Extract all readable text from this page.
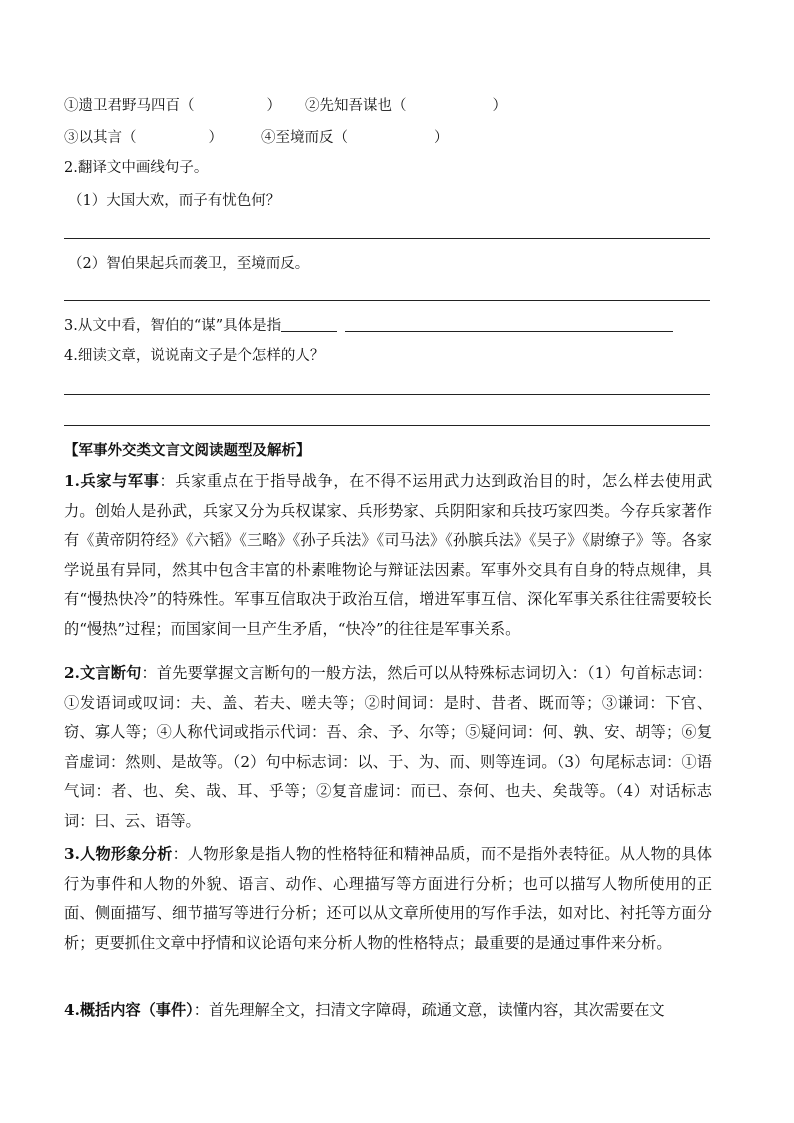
①遗卫君野马四百（	） ②先知吾谋也（	）
③以其言（	）	④至境而反（	）
2.翻译文中画线句子。
（1）大国大欢，而子有忧色何？
（2）智伯果起兵而袭卫，至境而反。
3.从文中看，智伯的“谋”具体是指
4.细读文章，说说南文子是个怎样的人？
【军事外交类文言文阅读题型及解析】

1.兵家与军事：兵家重点在于指导战争，在不得不运用武力达到政治目的时，怎么样去使用武力。创始人是孙武，兵家又分为兵权谋家、兵形势家、兵阴阳家和兵技巧家四类。今存兵家著作有《黄帝阴符经》《六韬》《三略》《孙子兵法》《司马法》《孙膑兵法》《吴子》《尉缭子》等。各家学说虽有异同，然其中包含丰富的朴素唯物论与辩证法因素。军事外交具有自身的特点规律，具有“慢热快冷”的特殊性。军事互信取决于政治互信，增进军事互信、深化军事关系往往需要较长的“慢热”过程；而国家间一旦产生矛盾，“快冷”的往往是军事关系。

2.文言断句：首先要掌握文言断句的一般方法，然后可以从特殊标志词切入：（1）句首标志词：①发语词或叹词：夫、盖、若夫、嗟夫等；②时间词：是时、昔者、既而等；③谦词：下官、窃、寡人等；④人称代词或指示代词：吾、余、予、尔等；⑤疑问词：何、孰、安、胡等；⑥复音虚词：然则、是故等。（2）句中标志词：以、于、为、而、则等连词。（3）句尾标志词：①语气词：者、也、矣、哉、耳、乎等；②复音虚词：而已、奈何、也夫、矣哉等。（4）对话标志词：曰、云、语等。

3.人物形象分析：人物形象是指人物的性格特征和精神品质，而不是指外表特征。从人物的具体行为事件和人物的外貌、语言、动作、心理描写等方面进行分析；也可以描写人物所使用的正面、侧面描写、细节描写等进行分析；还可以从文章所使用的写作手法，如对比、衬托等方面分析；更要抓住文章中抒情和议论语句来分析人物的性格特点；最重要的是通过事件来分析。

4.概括内容（事件）：首先理解全文，扫清文字障碍，疏通文意，读懂内容，其次需要在文
